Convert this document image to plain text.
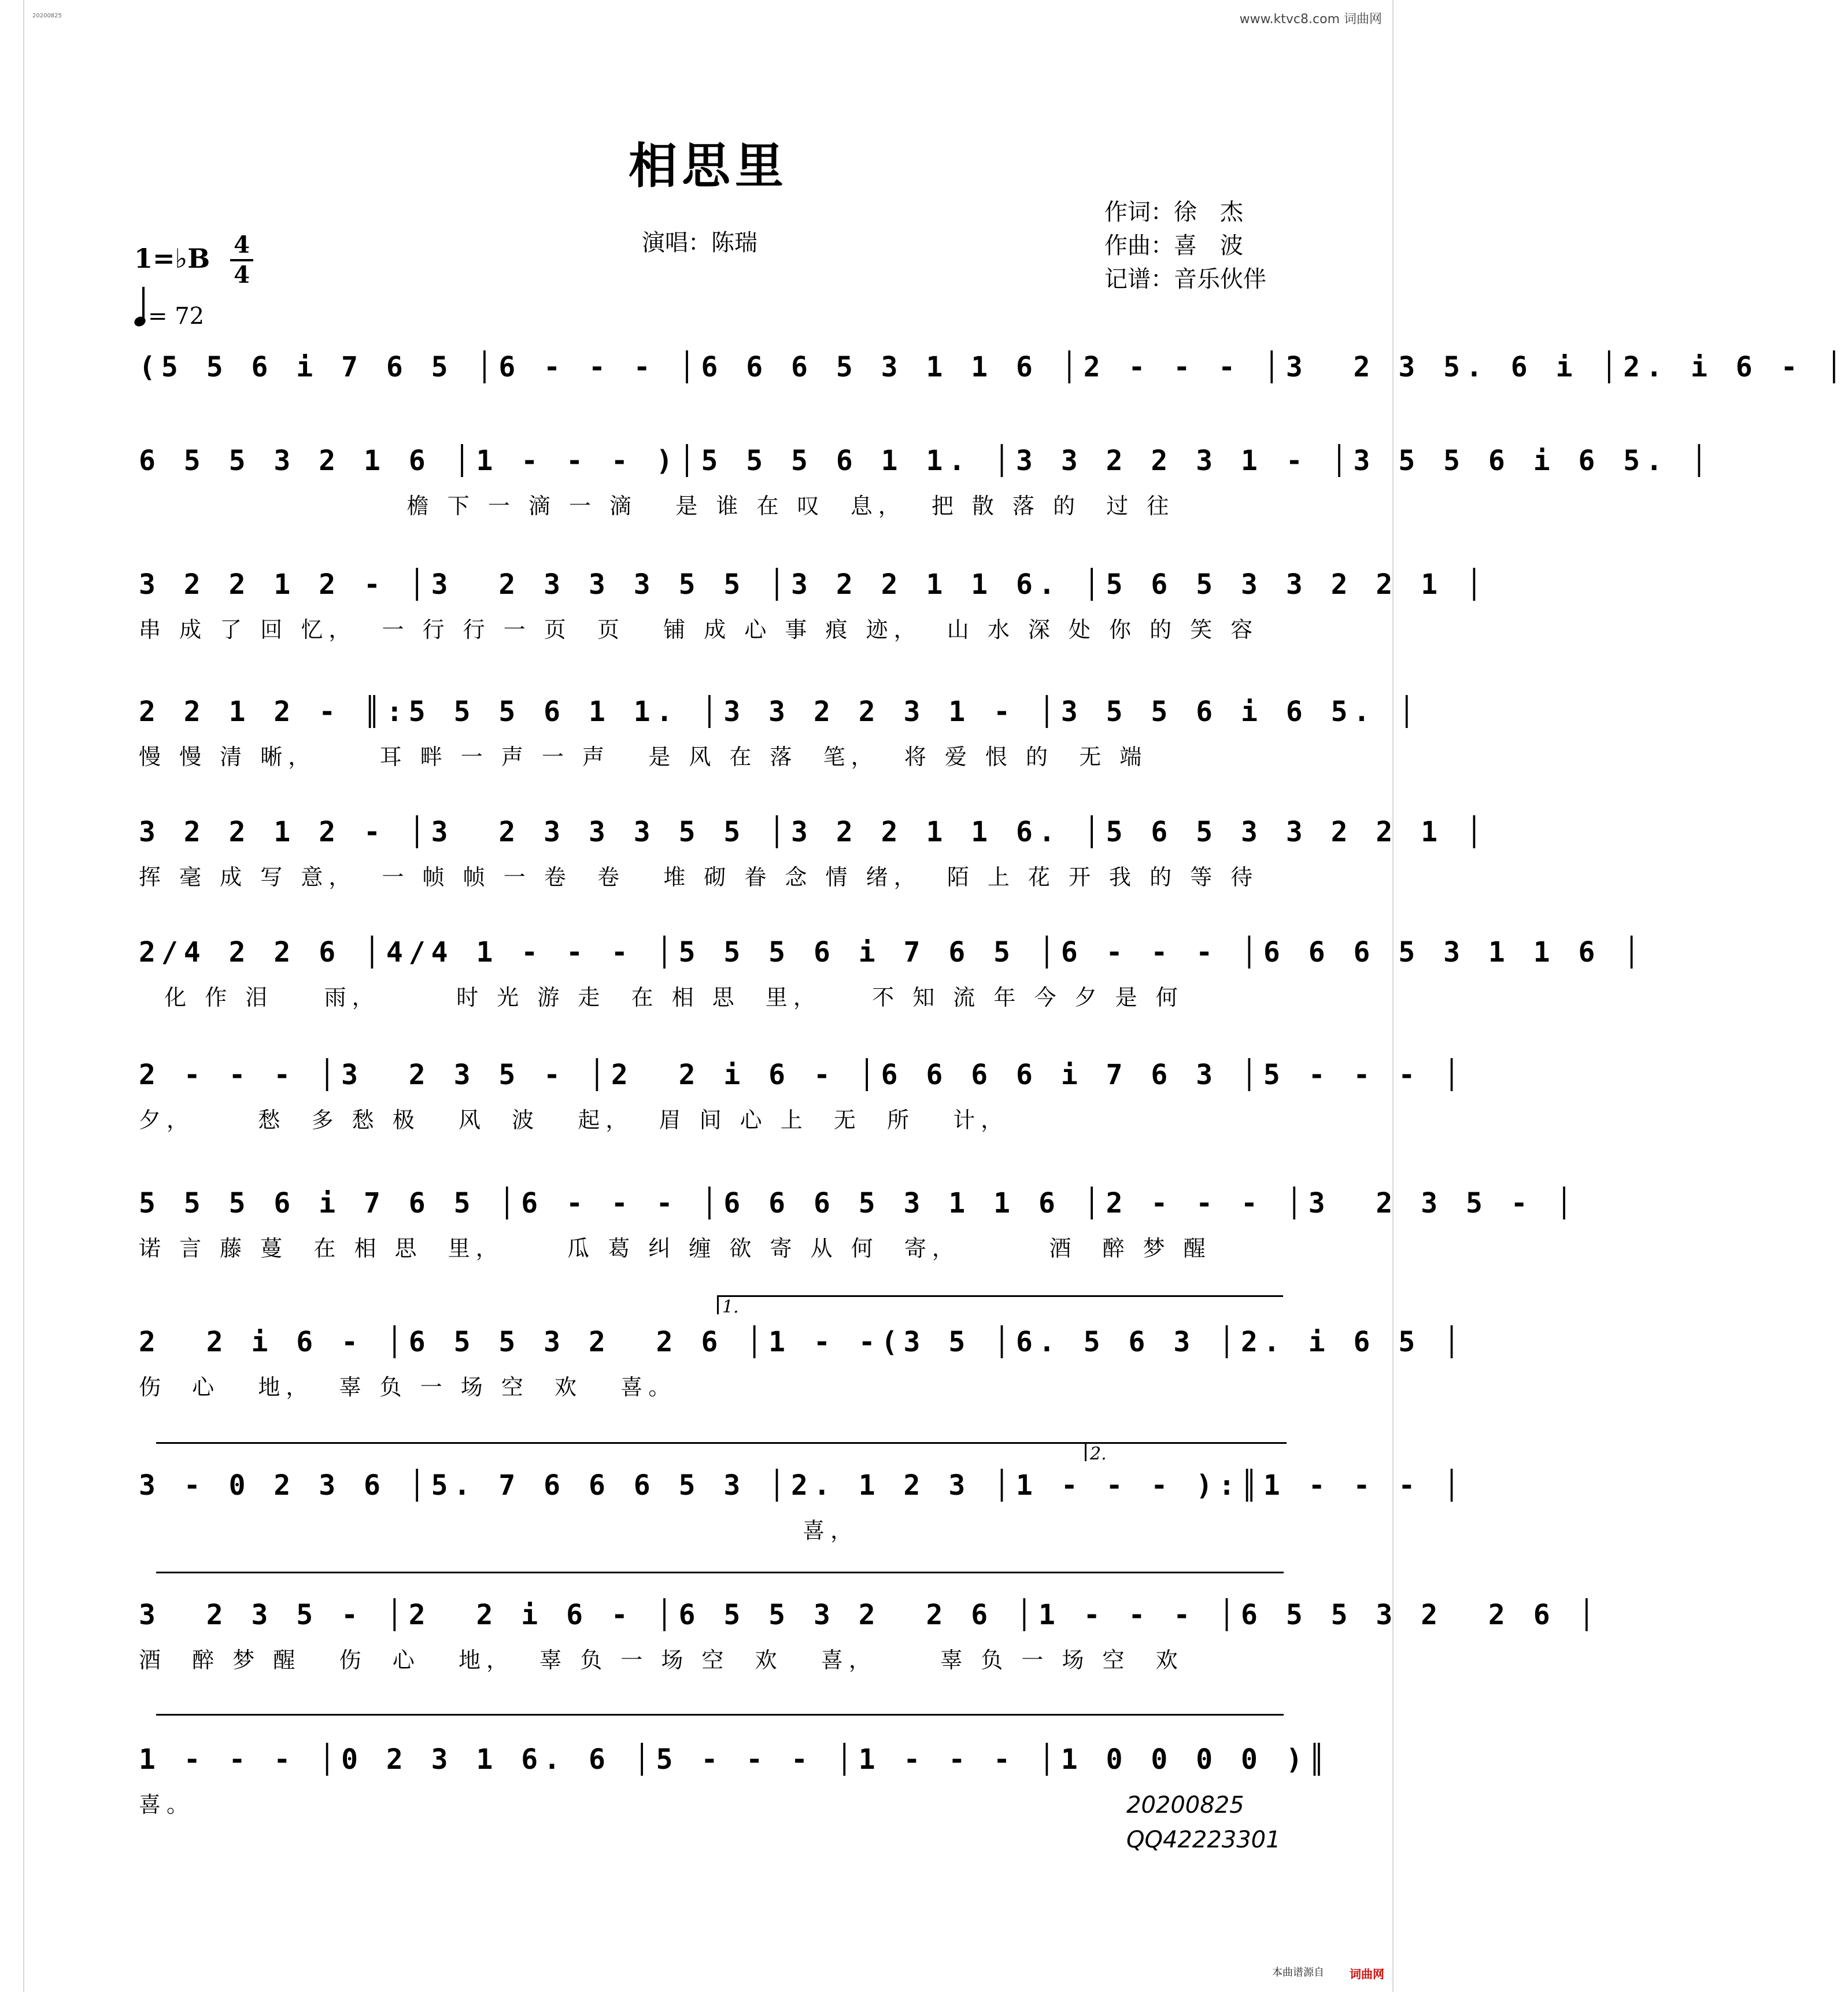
20200825	www.ktvc8.com 词曲网
相思里
演唱：陈瑞
作词：徐　杰
作曲：喜　波
记谱：音乐伙伴
1=♭B 4
4
= 72
(5 5 6 i 7 6 5 │6 - - - │6 6 6 5 3 1 1 6 │2 - - - │3  2 3 5. 6 i │2. i 6 - │
6 5 5 3 2 1 6 │1 - - - )│5 5 5 6 1 1. │3 3 2 2 3 1 - │3 5 5 6 i 6 5. │
檐 下 一 滴 一 滴   是 谁 在 叹  息，  把 散 落 的  过 往
3 2 2 1 2 - │3  2 3 3 3 5 5 │3 2 2 1 1 6. │5 6 5 3 3 2 2 1 │
串 成 了 回 忆，  一 行 行 一 页  页   铺 成 心 事 痕 迹，  山 水 深 处 你 的 笑 容
2 2 1 2 - ║:5 5 5 6 1 1. │3 3 2 2 3 1 - │3 5 5 6 i 6 5. │
慢 慢 清 晰，     耳 畔 一 声 一 声   是 风 在 落  笔，  将 爱 恨 的  无 端
3 2 2 1 2 - │3  2 3 3 3 5 5 │3 2 2 1 1 6. │5 6 5 3 3 2 2 1 │
挥 毫 成 写 意，  一 帧 帧 一 卷  卷   堆 砌 眷 念 情 绪，  陌 上 花 开 我 的 等 待
2/4 2 2 6 │4/4 1 - - - │5 5 5 6 i 7 6 5 │6 - - - │6 6 6 5 3 1 1 6 │
化 作 泪    雨，      时 光 游 走  在 相 思  里，    不 知 流 年 今 夕 是 何
2 - - - │3  2 3 5 - │2  2 i 6 - │6 6 6 6 i 7 6 3 │5 - - - │
夕，     愁  多 愁 极   风  波   起，  眉 间 心 上  无  所   计，
5 5 5 6 i 7 6 5 │6 - - - │6 6 6 5 3 1 1 6 │2 - - - │3  2 3 5 - │
诺 言 藤 蔓  在 相 思  里，     瓜 葛 纠 缠 欲 寄 从 何  寄，       酒  醉 梦 醒
1.
2  2 i 6 - │6 5 5 3 2  2 6 │1 - -(3 5 │6. 5 6 3 │2. i 6 5 │
伤  心   地，  辜 负 一 场 空  欢   喜。
2.
3 - 0 2 3 6 │5. 7 6 6 6 5 3 │2. 1 2 3 │1 - - - ):║1 - - - │
喜，
3  2 3 5 - │2  2 i 6 - │6 5 5 3 2  2 6 │1 - - - │6 5 5 3 2  2 6 │
酒  醉 梦 醒   伤  心   地，  辜 负 一 场 空  欢   喜，     辜 负 一 场 空  欢
1 - - - │0 2 3 1 6. 6 │5 - - - │1 - - - │1 0 0 0 0 )║
喜。	20200825
QQ42223301
本曲谱源自 词曲网
